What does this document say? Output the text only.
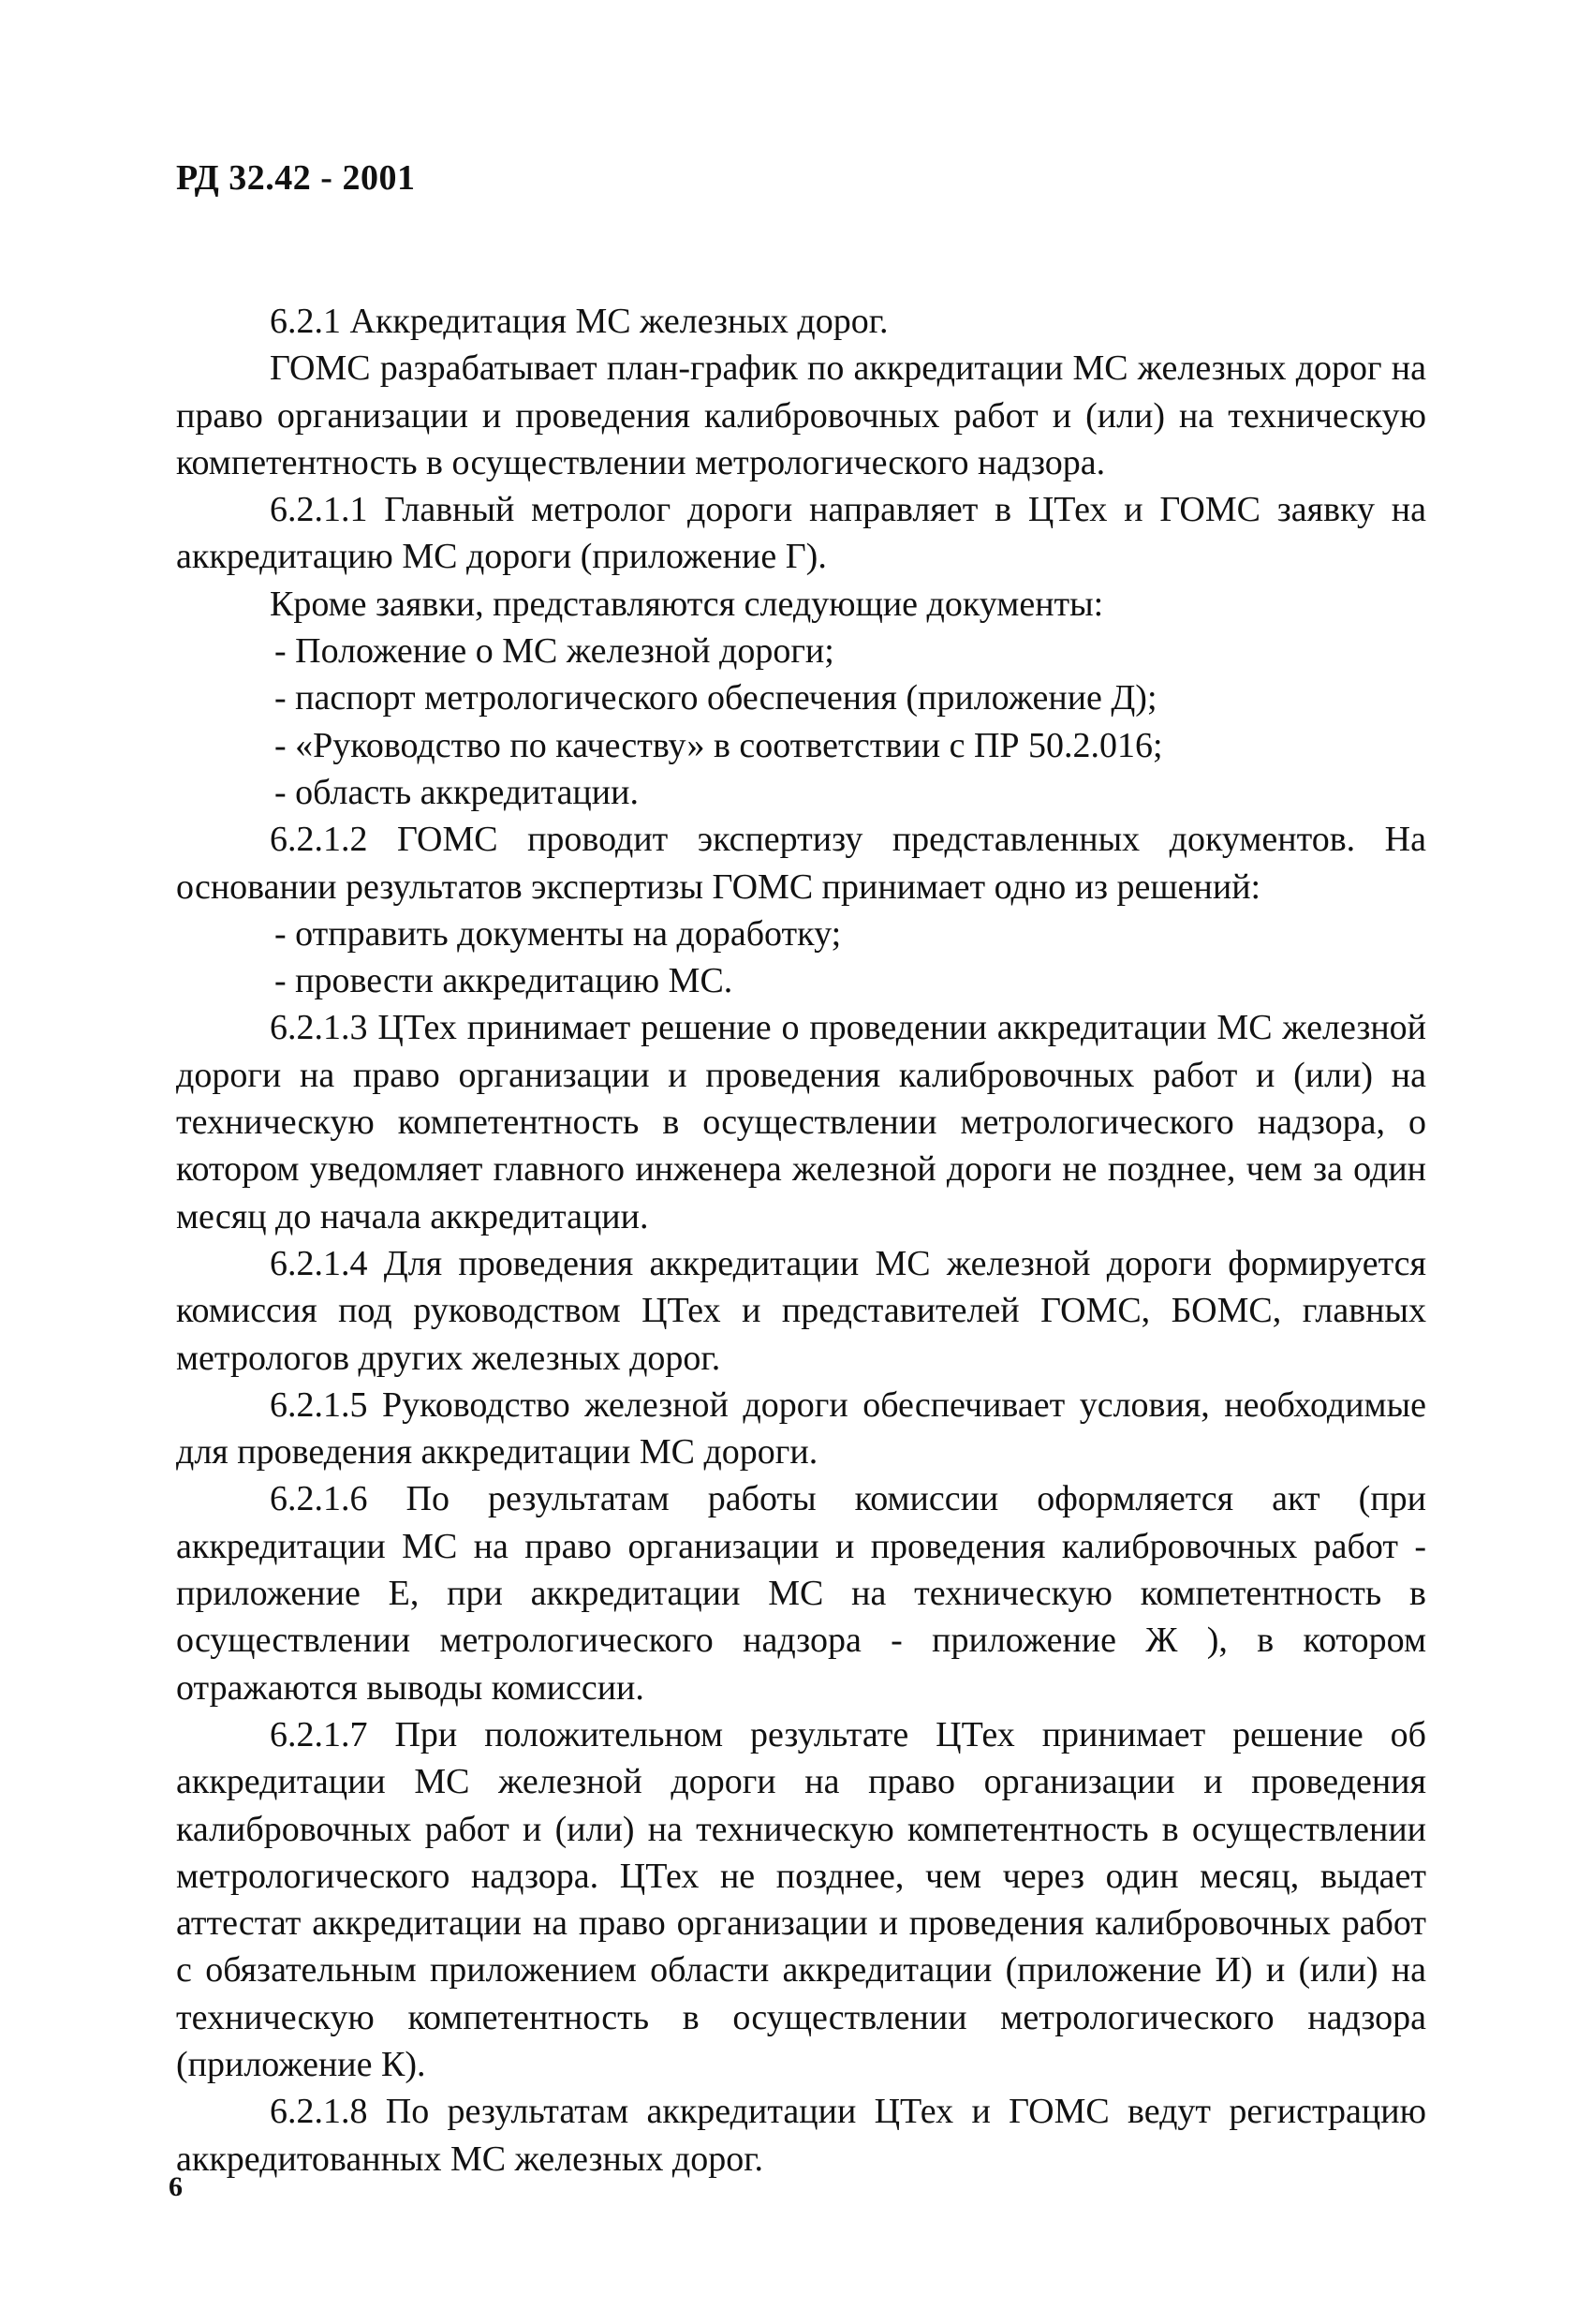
РД 32.42 - 2001

6.2.1 Аккредитация МС железных дорог.

ГОМС разрабатывает план-график по аккредитации МС железных дорог на право организации и проведения калибровочных работ и (или) на техническую компетентность в осуществлении метрологического надзора.

6.2.1.1 Главный метролог дороги направляет в ЦТех и ГОМС заявку на аккредитацию МС дороги (приложение Г).

Кроме заявки, представляются следующие документы:

- Положение о МС железной дороги;

- паспорт метрологического обеспечения (приложение Д);

- «Руководство по качеству» в соответствии с ПР 50.2.016;

- область аккредитации.

6.2.1.2 ГОМС проводит экспертизу представленных документов. На основании результатов экспертизы ГОМС принимает одно из решений:

- отправить документы на доработку;

- провести аккредитацию МС.

6.2.1.3 ЦТех принимает решение о проведении аккредитации МС железной дороги на право организации и проведения калибровочных работ и (или) на техническую компетентность в осуществлении метрологического надзора, о котором уведомляет главного инженера железной дороги не позднее, чем за один месяц до начала аккредитации.

6.2.1.4 Для проведения аккредитации МС железной дороги формируется комиссия под руководством ЦТех и представителей ГОМС, БОМС, главных метрологов других железных дорог.

6.2.1.5 Руководство железной дороги обеспечивает условия, необходимые для проведения аккредитации МС дороги.

6.2.1.6 По результатам работы комиссии оформляется акт (при аккредитации МС на право организации и проведения калибровочных работ - приложение Е, при аккредитации МС на техническую компетентность в осуществлении метрологического надзора - приложение Ж ), в котором отражаются выводы комиссии.

6.2.1.7 При положительном результате ЦТех принимает решение об аккредитации МС железной дороги на право организации и проведения калибровочных работ и (или) на техническую компетентность в осуществлении метрологического надзора. ЦТех не позднее, чем через один месяц, выдает аттестат аккредитации на право организации и проведения калибровочных работ с обязательным приложением области аккредитации (приложение И) и (или) на техническую компетентность в осуществлении метрологического надзора (приложение К).

6.2.1.8 По результатам аккредитации ЦТех и ГОМС ведут регистрацию аккредитованных МС железных дорог.

6
